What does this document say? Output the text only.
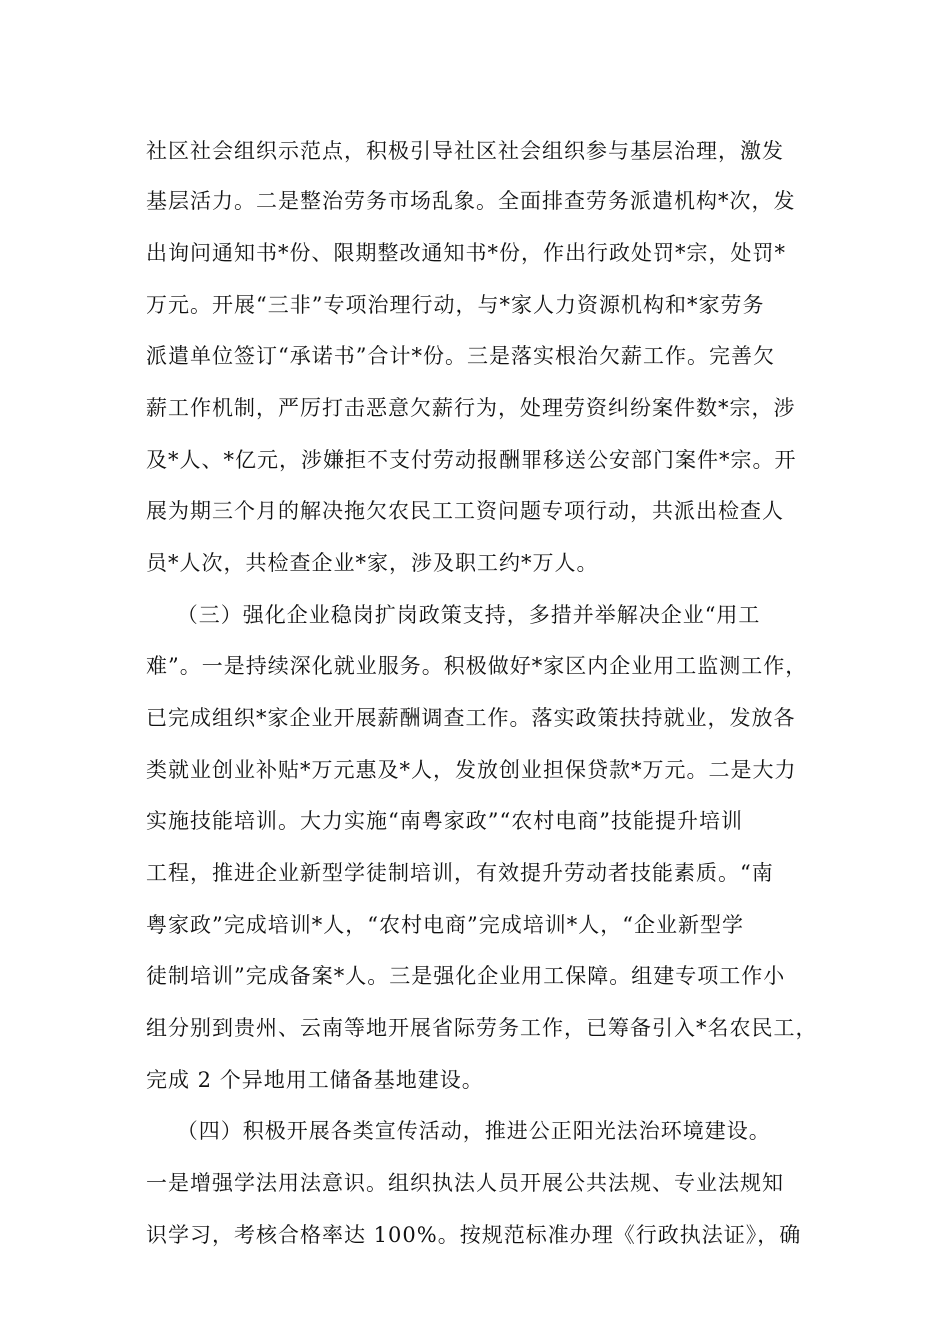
社区社会组织示范点，积极引导社区社会组织参与基层治理，激发
基层活力。二是整治劳务市场乱象。全面排查劳务派遣机构*次，发
出询问通知书*份、限期整改通知书*份，作出行政处罚*宗，处罚*
万元。开展“三非”专项治理行动，与*家人力资源机构和*家劳务
派遣单位签订“承诺书”合计*份。三是落实根治欠薪工作。完善欠
薪工作机制，严厉打击恶意欠薪行为，处理劳资纠纷案件数*宗，涉
及*人、*亿元，涉嫌拒不支付劳动报酬罪移送公安部门案件*宗。开
展为期三个月的解决拖欠农民工工资问题专项行动，共派出检查人
员*人次，共检查企业*家，涉及职工约*万人。
（三）强化企业稳岗扩岗政策支持，多措并举解决企业“用工
难”。一是持续深化就业服务。积极做好*家区内企业用工监测工作，
已完成组织*家企业开展薪酬调查工作。落实政策扶持就业，发放各
类就业创业补贴*万元惠及*人，发放创业担保贷款*万元。二是大力
实施技能培训。大力实施“南粤家政”“农村电商”技能提升培训
工程，推进企业新型学徒制培训，有效提升劳动者技能素质。“南
粤家政”完成培训*人，“农村电商”完成培训*人，“企业新型学
徒制培训”完成备案*人。三是强化企业用工保障。组建专项工作小
组分别到贵州、云南等地开展省际劳务工作，已筹备引入*名农民工，
完成 2 个异地用工储备基地建设。
（四）积极开展各类宣传活动，推进公正阳光法治环境建设。
一是增强学法用法意识。组织执法人员开展公共法规、专业法规知
识学习，考核合格率达 100%。按规范标准办理《行政执法证》，确
